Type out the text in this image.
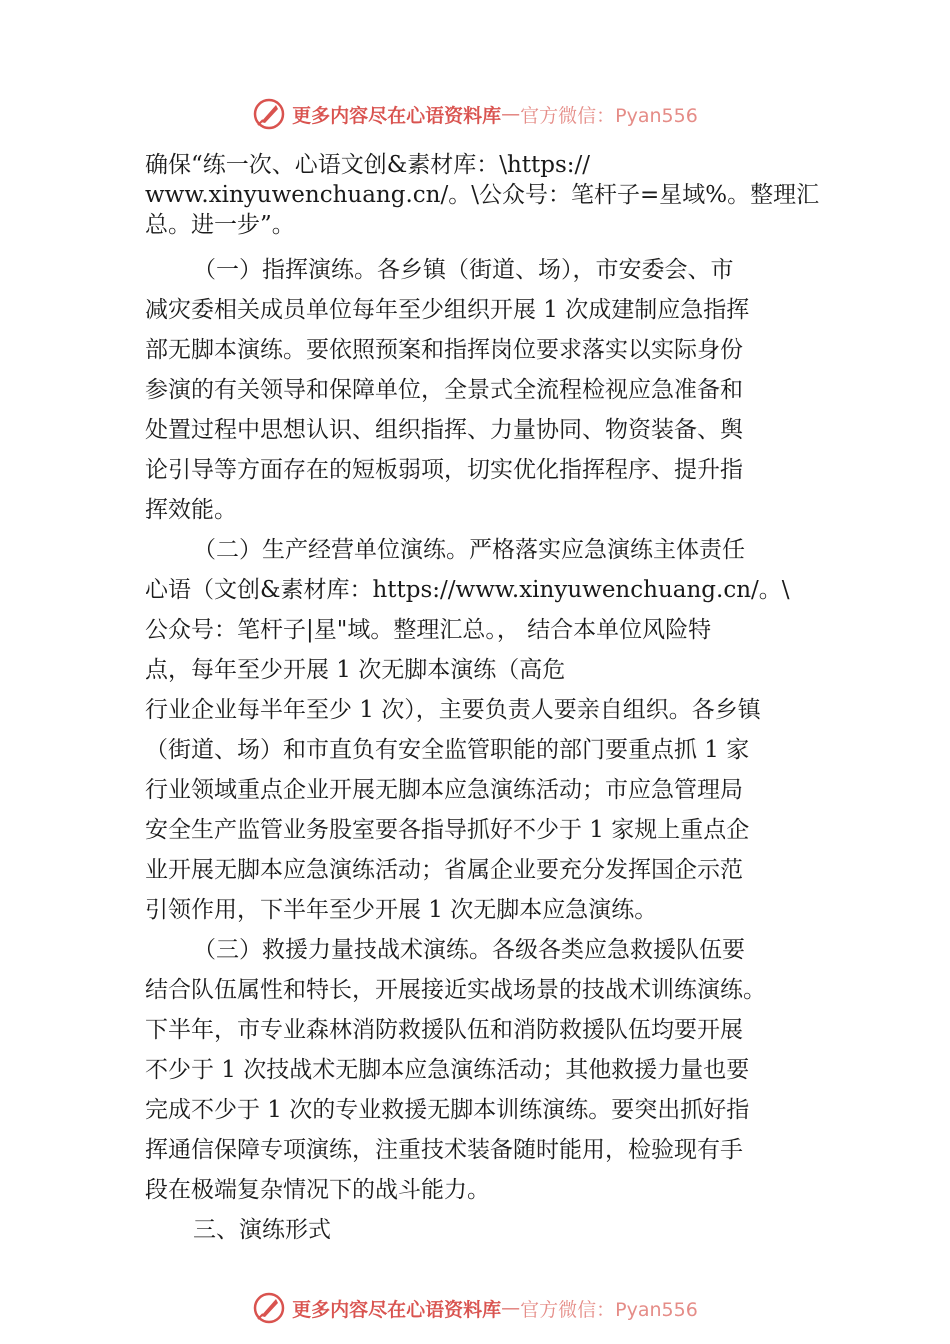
更多内容尽在心语资料库 — 官方微信：Pyan556
确保“练一次、心语文创&素材库：\https://
www.xinyuwenchuang.cn/。\公众号：笔杆子=星域%。整理汇
总。进一步”。
（一）指挥演练。各乡镇（街道、场），市安委会、市
减灾委相关成员单位每年至少组织开展 1 次成建制应急指挥
部无脚本演练。要依照预案和指挥岗位要求落实以实际身份
参演的有关领导和保障单位，全景式全流程检视应急准备和
处置过程中思想认识、组织指挥、力量协同、物资装备、舆
论引导等方面存在的短板弱项，切实优化指挥程序、提升指
挥效能。
（二）生产经营单位演练。严格落实应急演练主体责任
心语（文创&素材库：https://www.xinyuwenchuang.cn/。\
公众号：笔杆子|星"域。整理汇总。， 结合本单位风险特
点，每年至少开展 1 次无脚本演练（高危
行业企业每半年至少 1 次），主要负责人要亲自组织。各乡镇
（街道、场）和市直负有安全监管职能的部门要重点抓 1 家
行业领域重点企业开展无脚本应急演练活动；市应急管理局
安全生产监管业务股室要各指导抓好不少于 1 家规上重点企
业开展无脚本应急演练活动；省属企业要充分发挥国企示范
引领作用，下半年至少开展 1 次无脚本应急演练。
（三）救援力量技战术演练。各级各类应急救援队伍要
结合队伍属性和特长，开展接近实战场景的技战术训练演练。
下半年，市专业森林消防救援队伍和消防救援队伍均要开展
不少于 1 次技战术无脚本应急演练活动；其他救援力量也要
完成不少于 1 次的专业救援无脚本训练演练。要突出抓好指
挥通信保障专项演练，注重技术装备随时能用，检验现有手
段在极端复杂情况下的战斗能力。
三、演练形式
更多内容尽在心语资料库 — 官方微信：Pyan556
